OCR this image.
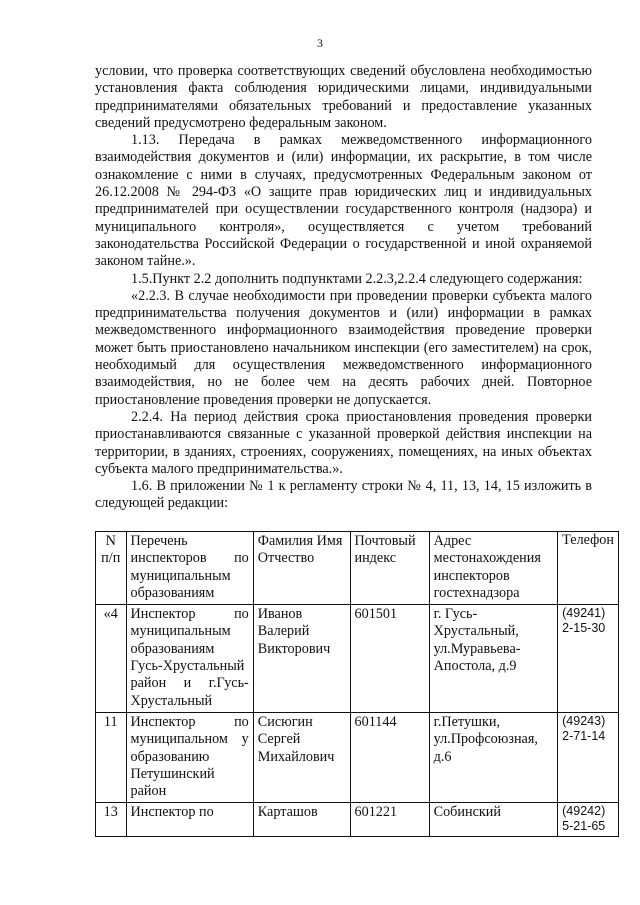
3

условии, что проверка соответствующих сведений обусловлена необходимостью установления факта соблюдения юридическими лицами, индивидуальными предпринимателями обязательных требований и предоставление указанных сведений предусмотрено федеральным законом.

1.13. Передача в рамках межведомственного информационного взаимодействия документов и (или) информации, их раскрытие, в том числе ознакомление с ними в случаях, предусмотренных Федеральным законом от 26.12.2008 № 294-ФЗ «О защите прав юридических лиц и индивидуальных предпринимателей при осуществлении государственного контроля (надзора) и муниципального контроля», осуществляется с учетом требований законодательства Российской Федерации о государственной и иной охраняемой законом тайне.».

1.5.Пункт 2.2 дополнить подпунктами 2.2.3,2.2.4 следующего содержания:

«2.2.3. В случае необходимости при проведении проверки субъекта малого предпринимательства получения документов и (или) информации в рамках межведомственного информационного взаимодействия проведение проверки может быть приостановлено начальником инспекции (его заместителем) на срок, необходимый для осуществления межведомственного информационного взаимодействия, но не более чем на десять рабочих дней. Повторное приостановление проведения проверки не допускается.

2.2.4. На период действия срока приостановления проведения проверки приостанавливаются связанные с указанной проверкой действия инспекции на территории, в зданиях, строениях, сооружениях, помещениях, на иных объектах субъекта малого предпринимательства.».

1.6. В приложении № 1 к регламенту строки № 4, 11, 13, 14, 15 изложить в следующей редакции:

N п/п	Перечень инспекторов по муниципальным образованиям	Фамилия Имя Отчество	Почтовый индекс	Адрес местонахождения инспекторов гостехнадзора	Телефон
«4	Инспектор по муниципальным образованиям Гусь-Хрустальный район и г.Гусь-Хрустальный	Иванов Валерий Викторович	601501	г. Гусь-Хрустальный, ул.Муравьева-Апостола, д.9	(49241)
2-15-30

11	Инспектор по муниципальном у образованию Петушинский район	Сисюгин Сергей Михайлович	601144	г.Петушки, ул.Профсоюзная, д.6	(49243)
2-71-14

13	Инспектор по	Карташов	601221	Собинский	(49242)
5-21-65
